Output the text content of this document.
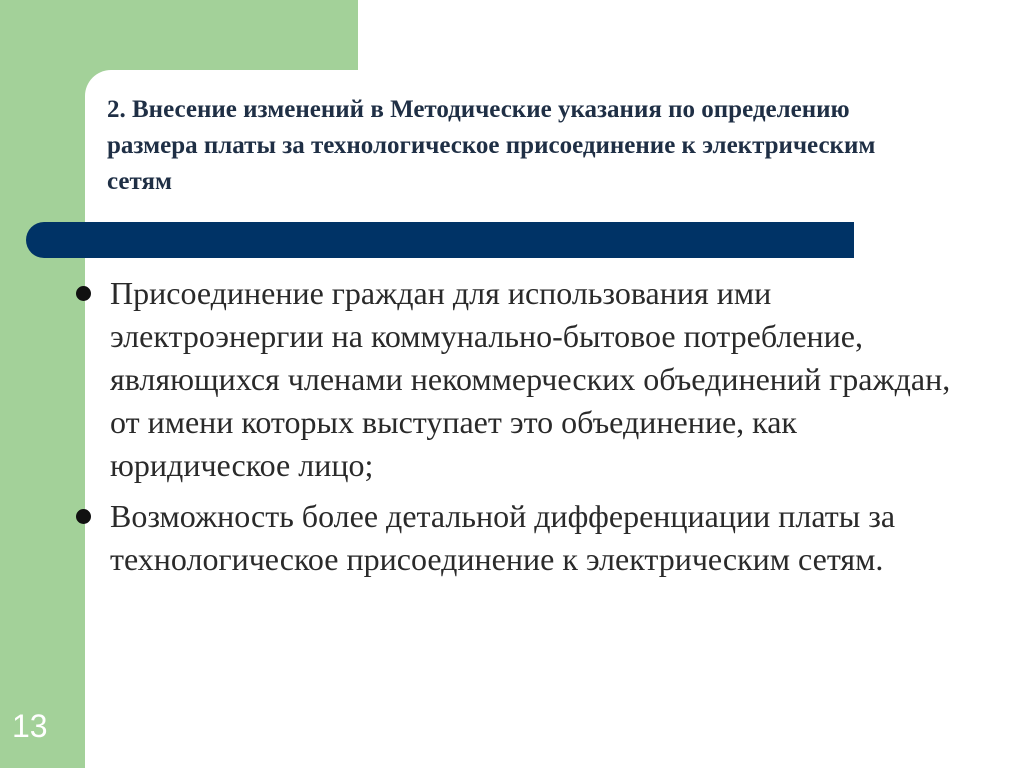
2. Внесение изменений в Методические указания по определению размера платы за технологическое присоединение к электрическим сетям
Присоединение граждан для использования ими электроэнергии на коммунально-бытовое потребление, являющихся членами некоммерческих объединений граждан, от имени которых выступает это объединение, как юридическое лицо;
Возможность более детальной дифференциации платы за технологическое присоединение к электрическим сетям.
13
